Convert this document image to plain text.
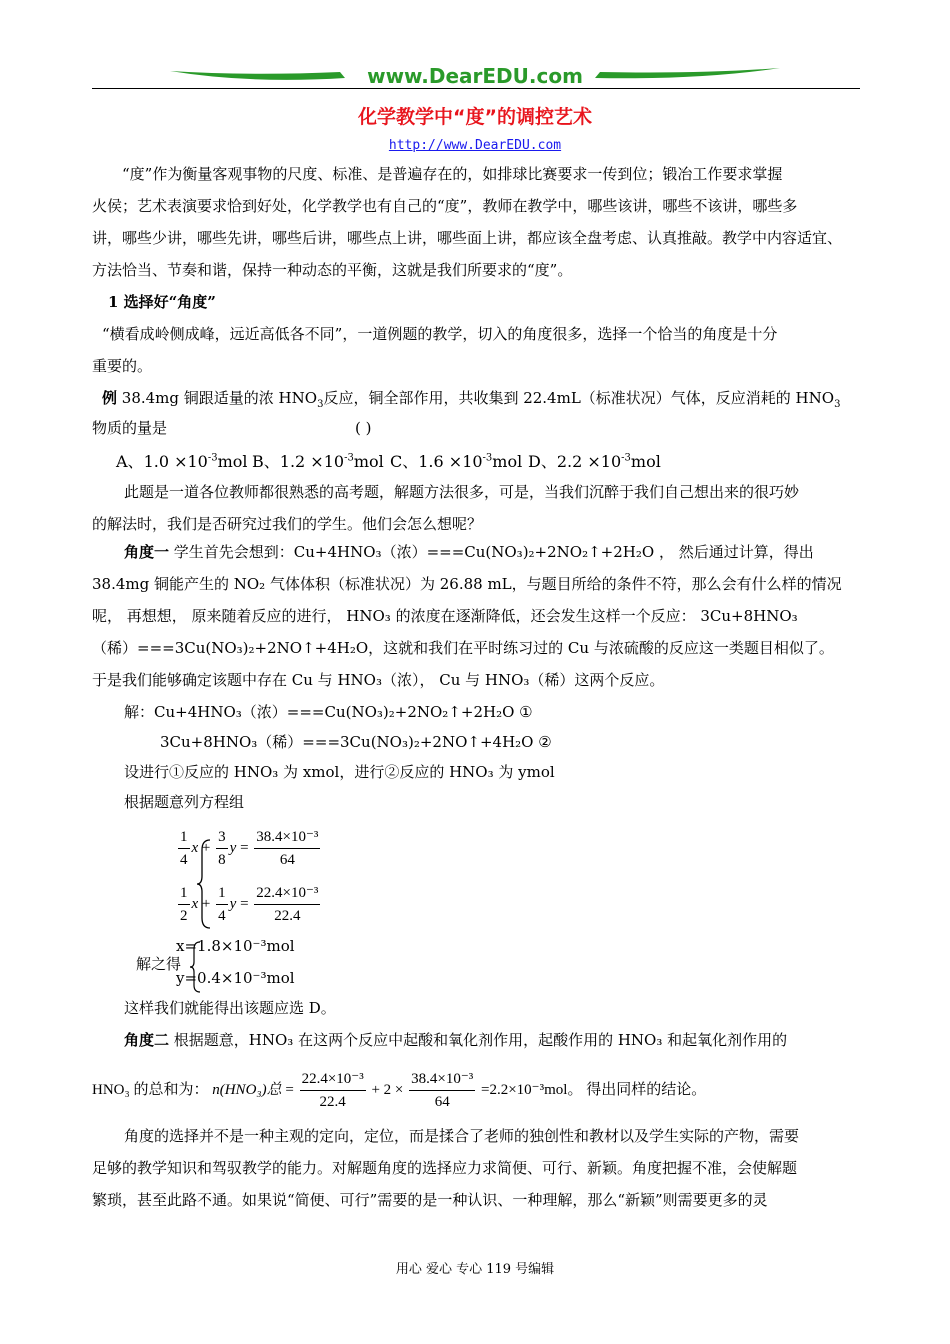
www.DearEDU.com
化学教学中“度”的调控艺术
http://www.DearEDU.com
“度”作为衡量客观事物的尺度、标准、是普遍存在的，如排球比赛要求一传到位；锻冶工作要求掌握
火侯；艺术表演要求恰到好处，化学教学也有自己的“度”，教师在教学中，哪些该讲，哪些不该讲，哪些多
讲，哪些少讲，哪些先讲，哪些后讲，哪些点上讲，哪些面上讲，都应该全盘考虑、认真推敲。教学中内容适宜、
方法恰当、节奏和谐，保持一种动态的平衡，这就是我们所要求的“度”。
1 选择好“角度”
“横看成岭侧成峰，远近高低各不同”，一道例题的教学，切入的角度很多，选择一个恰当的角度是十分
重要的。
例 38.4mg 铜跟适量的浓 $HNO_3$反应，铜全部作用，共收集到 22.4mL（标准状况）气体，反应消耗的 $HNO_3$
物质的量是	( )
A、$1.0 \times 10^{-3}mol$ B、$1.2 \times 10^{-3}mol$ C、$1.6 \times 10^{-3}mol$ D、$2.2 \times 10^{-3}mol$
此题是一道各位教师都很熟悉的高考题，解题方法很多，可是，当我们沉醉于我们自己想出来的很巧妙
的解法时，我们是否研究过我们的学生。他们会怎么想呢？
角度一 学生首先会想到：Cu+4HNO₃（浓）===Cu(NO₃)₂+2NO₂↑+2H₂O ， 然后通过计算，得出
38.4mg 铜能产生的 NO₂ 气体体积（标准状况）为 26.88 mL，与题目所给的条件不符，那么会有什么样的情况
呢， 再想想， 原来随着反应的进行， HNO₃ 的浓度在逐渐降低，还会发生这样一个反应： 3Cu+8HNO₃
（稀）===3Cu(NO₃)₂+2NO↑+4H₂O，这就和我们在平时练习过的 Cu 与浓硫酸的反应这一类题目相似了。
于是我们能够确定该题中存在 Cu 与 HNO₃（浓）， Cu 与 HNO₃（稀）这两个反应。
解：Cu+4HNO₃（浓）===Cu(NO₃)₂+2NO₂↑+2H₂O ①
3Cu+8HNO₃（稀）===3Cu(NO₃)₂+2NO↑+4H₂O ②
设进行①反应的 HNO₃ 为 xmol，进行②反应的 HNO₃ 为 ymol
根据题意列方程组
$\frac{1}{4}$ $x + \frac{3}{8}$ $y = \frac{\text{38.4×10⁻³}}{64}$
$\frac{1}{2}$ $x + \frac{1}{4}$ $y = \frac{\text{22.4×10⁻³}}{22.4}$
x=1.8×10⁻³mol
解之得
y=0.4×10⁻³mol
这样我们就能得出该题应选 D。
角度二 根据题意，HNO₃ 在这两个反应中起酸和氧化剂作用，起酸作用的 HNO₃ 和起氧化剂作用的
HNO₃ 的总和为： n(HNO₃)总 = $\frac{\text{22.4×10⁻³}}{22.4} + 2 \times \frac{\text{38.4×10⁻³}}{64} =2.2\times 10^{-3}mol$。 得出同样的结论。
角度的选择并不是一种主观的定向，定位，而是揉合了老师的独创性和教材以及学生实际的产物，需要
足够的教学知识和驾驭教学的能力。对解题角度的选择应力求简便、可行、新颖。角度把握不准，会使解题
繁琐，甚至此路不通。如果说“简便、可行”需要的是一种认识、一种理解，那么“新颖”则需要更多的灵
用心 爱心 专心 119 号编辑
